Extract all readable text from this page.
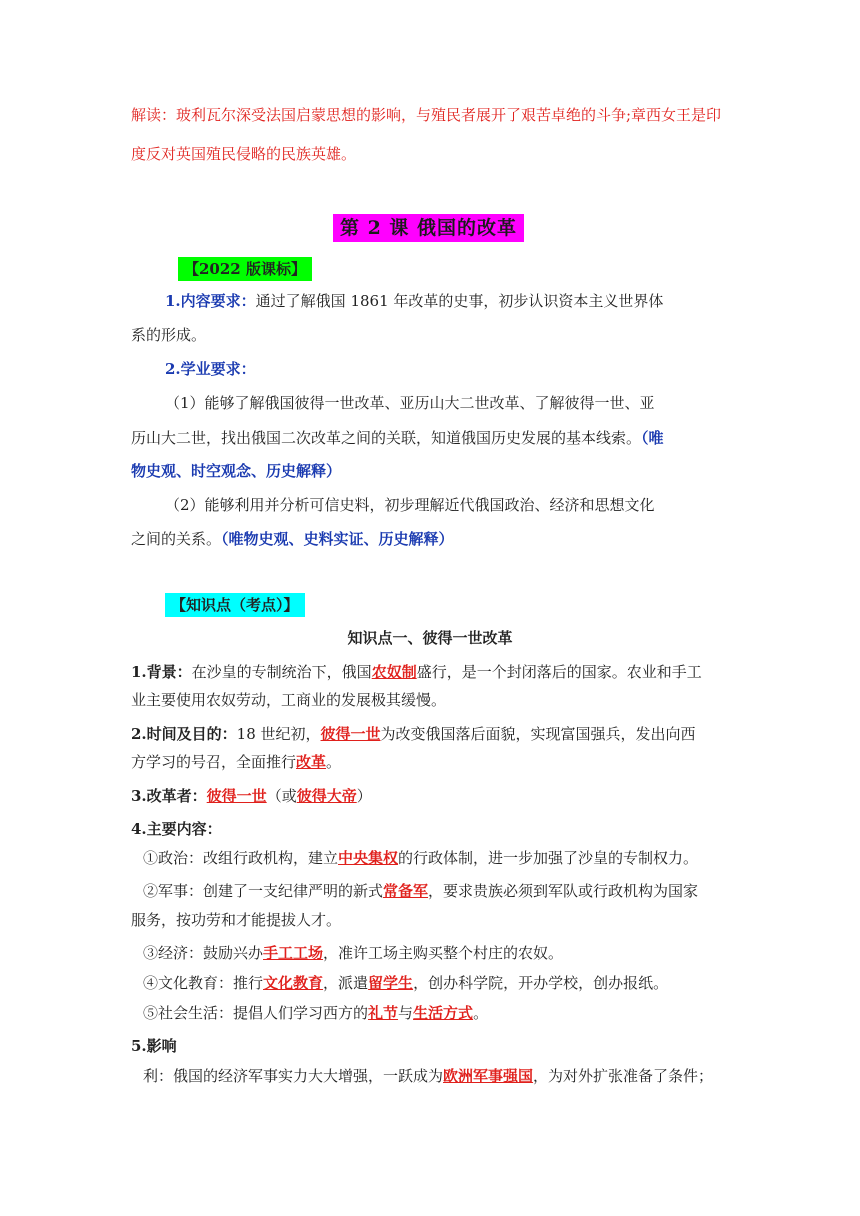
解读：玻利瓦尔深受法国启蒙思想的影响，与殖民者展开了艰苦卓绝的斗争;章西女王是印
度反对英国殖民侵略的民族英雄。
第 2 课 俄国的改革
【2022 版课标】
1.内容要求：通过了解俄国 1861 年改革的史事，初步认识资本主义世界体
系的形成。
2.学业要求：
（1）能够了解俄国彼得一世改革、亚历山大二世改革、了解彼得一世、亚
历山大二世，找出俄国二次改革之间的关联，知道俄国历史发展的基本线索。（唯
物史观、时空观念、历史解释）
（2）能够利用并分析可信史料，初步理解近代俄国政治、经济和思想文化
之间的关系。（唯物史观、史料实证、历史解释）
【知识点（考点）】
知识点一、彼得一世改革
1.背景：在沙皇的专制统治下，俄国农奴制盛行，是一个封闭落后的国家。农业和手工
业主要使用农奴劳动，工商业的发展极其缓慢。
2.时间及目的：18 世纪初，彼得一世为改变俄国落后面貌，实现富国强兵，发出向西
方学习的号召，全面推行改革。
3.改革者：彼得一世（或彼得大帝）
4.主要内容：
①政治：改组行政机构，建立中央集权的行政体制，进一步加强了沙皇的专制权力。
②军事：创建了一支纪律严明的新式常备军，要求贵族必须到军队或行政机构为国家
服务，按功劳和才能提拔人才。
③经济：鼓励兴办手工工场，准许工场主购买整个村庄的农奴。
④文化教育：推行文化教育，派遣留学生，创办科学院，开办学校，创办报纸。
⑤社会生活：提倡人们学习西方的礼节与生活方式。
5.影响
利：俄国的经济军事实力大大增强，一跃成为欧洲军事强国，为对外扩张准备了条件；
